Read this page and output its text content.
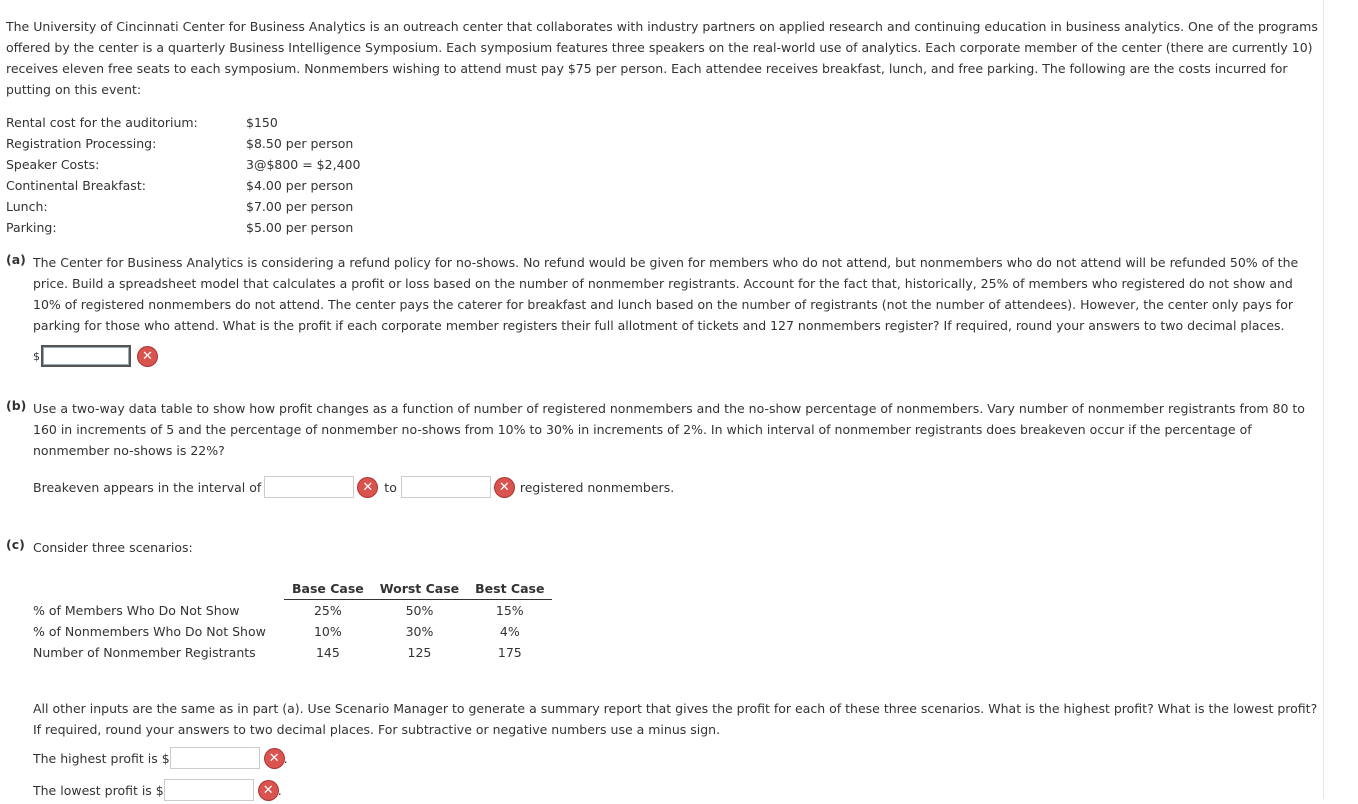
The University of Cincinnati Center for Business Analytics is an outreach center that collaborates with industry partners on applied research and continuing education in business analytics. One of the programs offered by the center is a quarterly Business Intelligence Symposium. Each symposium features three speakers on the real-world use of analytics. Each corporate member of the center (there are currently 10) receives eleven free seats to each symposium. Nonmembers wishing to attend must pay $75 per person. Each attendee receives breakfast, lunch, and free parking. The following are the costs incurred for putting on this event:

Rental cost for the auditorium:	$150
Registration Processing:	$8.50 per person
Speaker Costs:	3@$800 = $2,400
Continental Breakfast:	$4.00 per person
Lunch:	$7.00 per person
Parking:	$5.00 per person
(a) The Center for Business Analytics is considering a refund policy for no-shows. No refund would be given for members who do not attend, but nonmembers who do not attend will be refunded 50% of the price. Build a spreadsheet model that calculates a profit or loss based on the number of nonmember registrants. Account for the fact that, historically, 25% of members who registered do not show and 10% of registered nonmembers do not attend. The center pays the caterer for breakfast and lunch based on the number of registrants (not the number of attendees). However, the center only pays for parking for those who attend. What is the profit if each corporate member registers their full allotment of tickets and 127 nonmembers register? If required, round your answers to two decimal places.

$	✕
(b) Use a two-way data table to show how profit changes as a function of number of registered nonmembers and the no-show percentage of nonmembers. Vary number of nonmember registrants from 80 to 160 in increments of 5 and the percentage of nonmember no-shows from 10% to 30% in increments of 2%. In which interval of nonmember registrants does breakeven occur if the percentage of nonmember no-shows is 22%?

Breakeven appears in the interval of	✕ to	✕ registered nonmembers.
(c) Consider three scenarios:

	Base Case	Worst Case	Best Case
% of Members Who Do Not Show	25%	50%	15%
% of Nonmembers Who Do Not Show	10%	30%	4%
Number of Nonmember Registrants	145	125	175

All other inputs are the same as in part (a). Use Scenario Manager to generate a summary report that gives the profit for each of these three scenarios. What is the highest profit? What is the lowest profit? If required, round your answers to two decimal places. For subtractive or negative numbers use a minus sign.

The highest profit is $	✕ .
The lowest profit is $	✕ .
